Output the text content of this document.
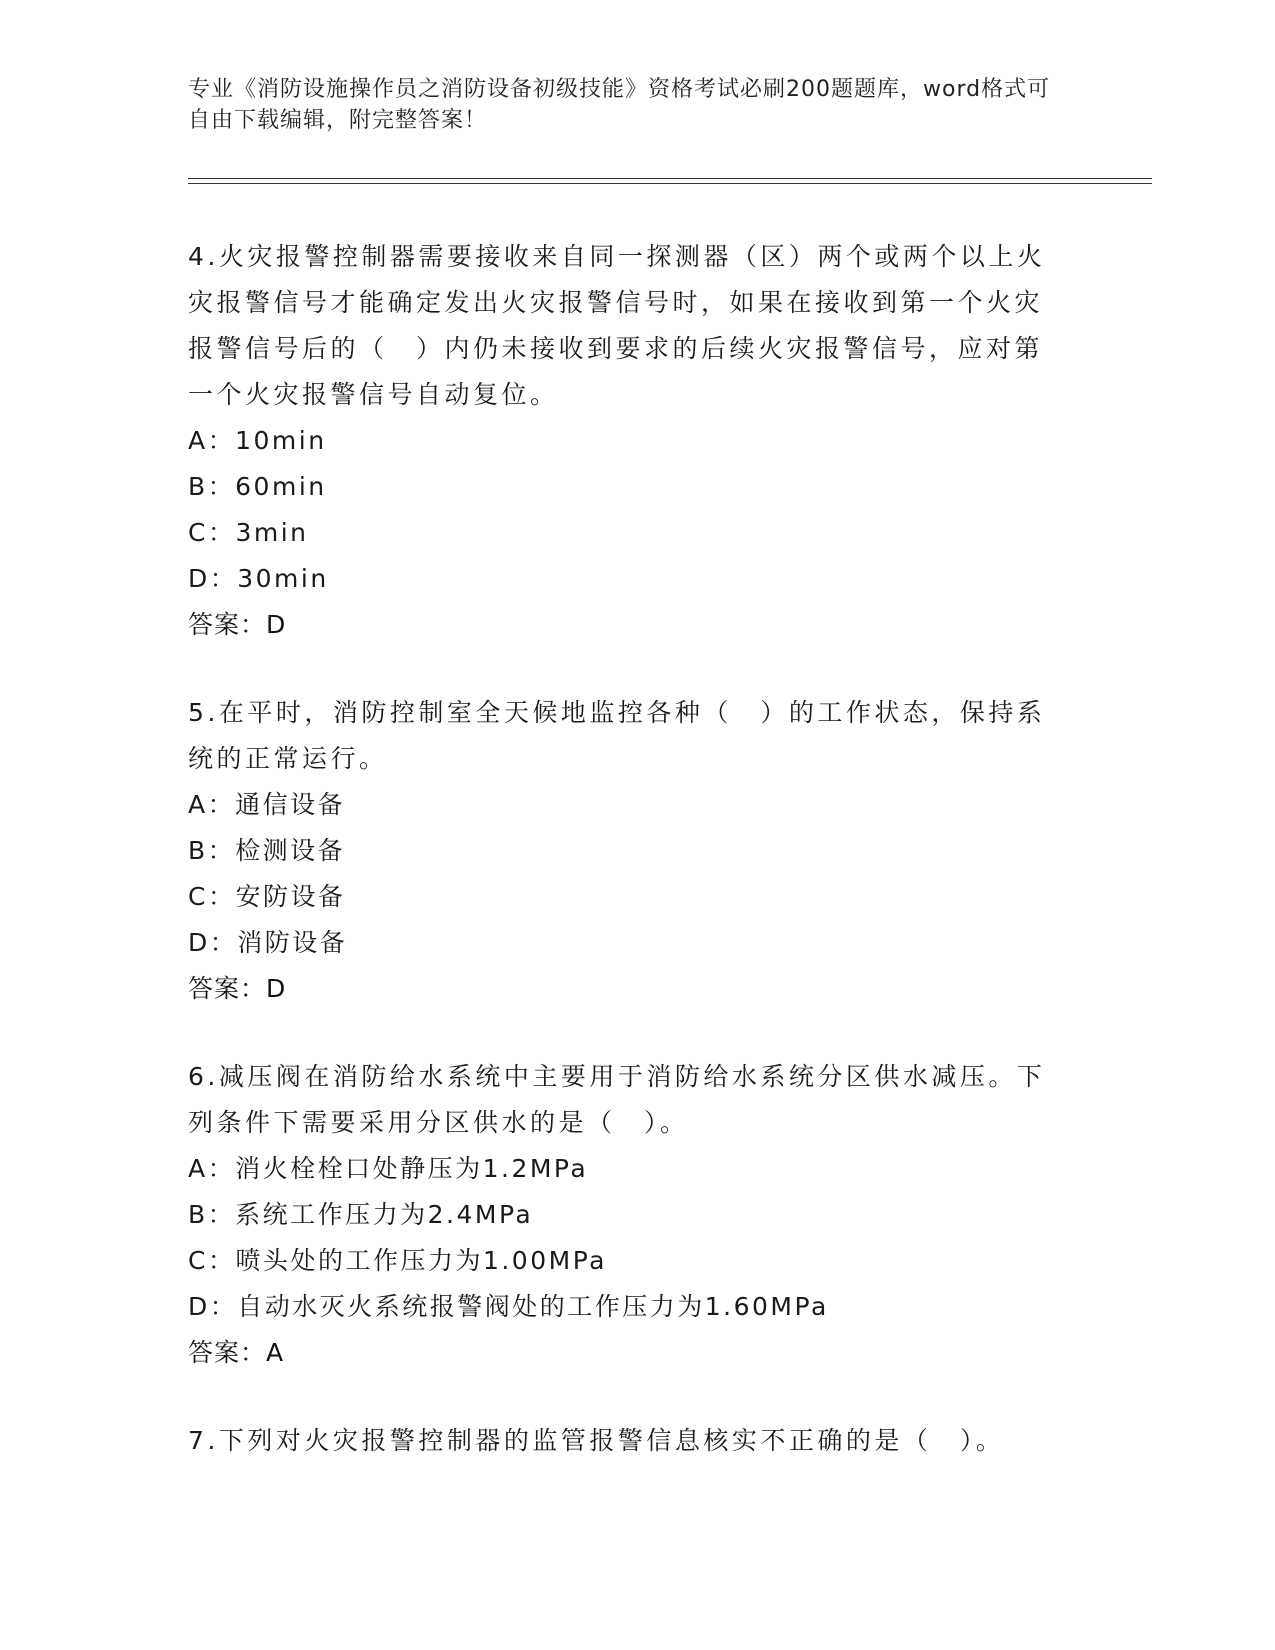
专业《消防设施操作员之消防设备初级技能》资格考试必刷200题题库，word格式可自由下载编辑，附完整答案！

4.火灾报警控制器需要接收来自同一探测器（区）两个或两个以上火灾报警信号才能确定发出火灾报警信号时，如果在接收到第一个火灾报警信号后的（　）内仍未接收到要求的后续火灾报警信号，应对第一个火灾报警信号自动复位。

A：10min
B：60min
C：3min
D：30min
答案：D

5.在平时，消防控制室全天候地监控各种（　）的工作状态，保持系统的正常运行。

A：通信设备
B：检测设备
C：安防设备
D：消防设备
答案：D

6.减压阀在消防给水系统中主要用于消防给水系统分区供水减压。下列条件下需要采用分区供水的是（　）。

A：消火栓栓口处静压为1.2MPa
B：系统工作压力为2.4MPa
C：喷头处的工作压力为1.00MPa
D：自动水灭火系统报警阀处的工作压力为1.60MPa
答案：A

7.下列对火灾报警控制器的监管报警信息核实不正确的是（　）。
